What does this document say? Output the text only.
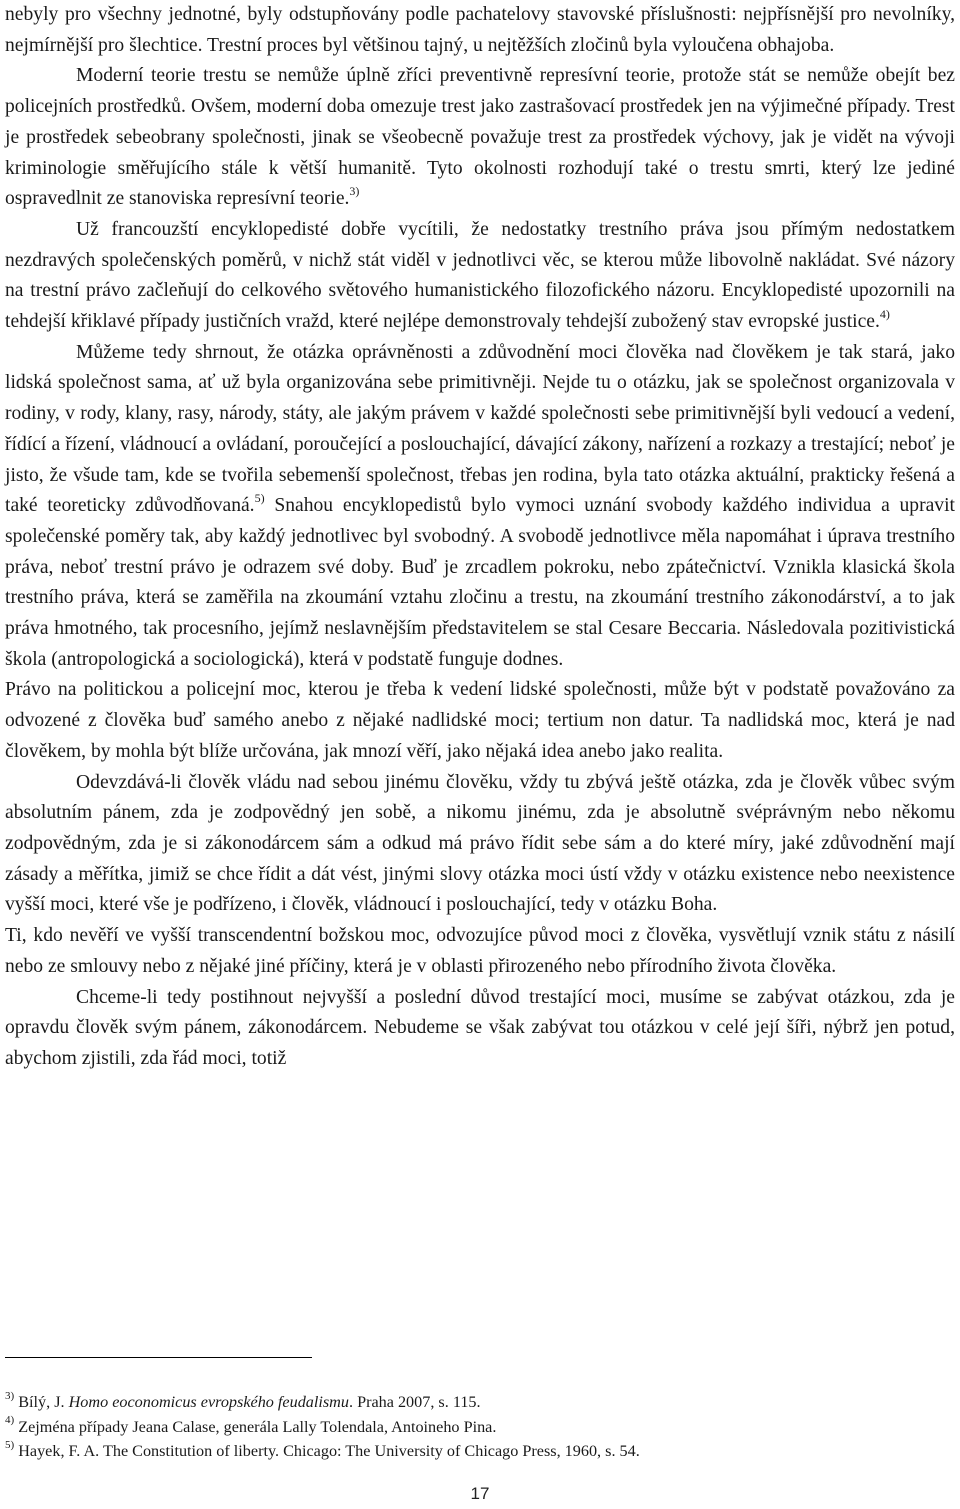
nebyly pro všechny jednotné, byly odstupňovány podle pachatelovy stavovské příslušnosti: nejpřísnější pro nevolníky, nejmírnější pro šlechtice. Trestní proces byl většinou tajný, u nejtěžších zločinů byla vyloučena obhajoba.

Moderní teorie trestu se nemůže úplně zříci preventivně represívní teorie, protože stát se nemůže obejít bez policejních prostředků. Ovšem, moderní doba omezuje trest jako zastrašovací prostředek jen na výjimečné případy. Trest je prostředek sebeobrany společnosti, jinak se všeobecně považuje trest za prostředek výchovy, jak je vidět na vývoji kriminologie směřujícího stále k větší humanitě. Tyto okolnosti rozhodují také o trestu smrti, který lze jediné ospravedlnit ze stanoviska represívní teorie.$^{3)}$

Už francouzští encyklopedisté dobře vycítili, že nedostatky trestního práva jsou přímým nedostatkem nezdravých společenských poměrů, v nichž stát viděl v jednotlivci věc, se kterou může libovolně nakládat. Své názory na trestní právo začleňují do celkového světového humanistického filozofického názoru. Encyklopedisté upozornili na tehdejší křiklavé případy justičních vražd, které nejlépe demonstrovaly tehdejší zubožený stav evropské justice.$^{4)}$

Můžeme tedy shrnout, že otázka oprávněnosti a zdůvodnění moci člověka nad člověkem je tak stará, jako lidská společnost sama, ať už byla organizována sebe primitivněji. Nejde tu o otázku, jak se společnost organizovala v rodiny, v rody, klany, rasy, národy, státy, ale jakým právem v každé společnosti sebe primitivnější byli vedoucí a vedení, řídící a řízení, vládnoucí a ovládaní, poroučející a poslouchající, dávající zákony, nařízení a rozkazy a trestající; neboť je jisto, že všude tam, kde se tvořila sebemenší společnost, třebas jen rodina, byla tato otázka aktuální, prakticky řešená a také teoreticky zdůvodňovaná.$^{5)}$ Snahou encyklopedistů bylo vymoci uznání svobody každého individua a upravit společenské poměry tak, aby každý jednotlivec byl svobodný. A svobodě jednotlivce měla napomáhat i úprava trestního práva, neboť trestní právo je odrazem své doby. Buď je zrcadlem pokroku, nebo zpátečnictví. Vznikla klasická škola trestního práva, která se zaměřila na zkoumání vztahu zločinu a trestu, na zkoumání trestního zákonodárství, a to jak práva hmotného, tak procesního, jejímž neslavnějším představitelem se stal Cesare Beccaria. Následovala pozitivistická škola (antropologická a sociologická), která v podstatě funguje dodnes.

Právo na politickou a policejní moc, kterou je třeba k vedení lidské společnosti, může být v podstatě považováno za odvozené z člověka buď samého anebo z nějaké nadlidské moci; tertium non datur. Ta nadlidská moc, která je nad člověkem, by mohla být blíže určována, jak mnozí věří, jako nějaká idea anebo jako realita.

Odevzdává-li člověk vládu nad sebou jinému člověku, vždy tu zbývá ještě otázka, zda je člověk vůbec svým absolutním pánem, zda je zodpovědný jen sobě, a nikomu jinému, zda je absolutně svéprávným nebo někomu zodpovědným, zda je si zákonodárcem sám a odkud má právo řídit sebe sám a do které míry, jaké zdůvodnění mají zásady a měřítka, jimiž se chce řídit a dát vést, jinými slovy otázka moci ústí vždy v otázku existence nebo neexistence vyšší moci, které vše je podřízeno, i člověk, vládnoucí i poslouchající, tedy v otázku Boha.

Ti, kdo nevěří ve vyšší transcendentní božskou moc, odvozujíce původ moci z člověka, vysvětlují vznik státu z násilí nebo ze smlouvy nebo z nějaké jiné příčiny, která je v oblasti přirozeného nebo přírodního života člověka.

Chceme-li tedy postihnout nejvyšší a poslední důvod trestající moci, musíme se zabývat otázkou, zda je opravdu člověk svým pánem, zákonodárcem. Nebudeme se však zabývat tou otázkou v celé její šíři, nýbrž jen potud, abychom zjistili, zda řád moci, totiž

$^{3)}$ Bílý, J. Homo eoconomicus evropského feudalismu. Praha 2007, s. 115.
$^{4)}$ Zejména případy Jeana Calase, generála Lally Tolendala, Antoineho Pina.
$^{5)}$ Hayek, F. A. The Constitution of liberty. Chicago: The University of Chicago Press, 1960, s. 54.
17
